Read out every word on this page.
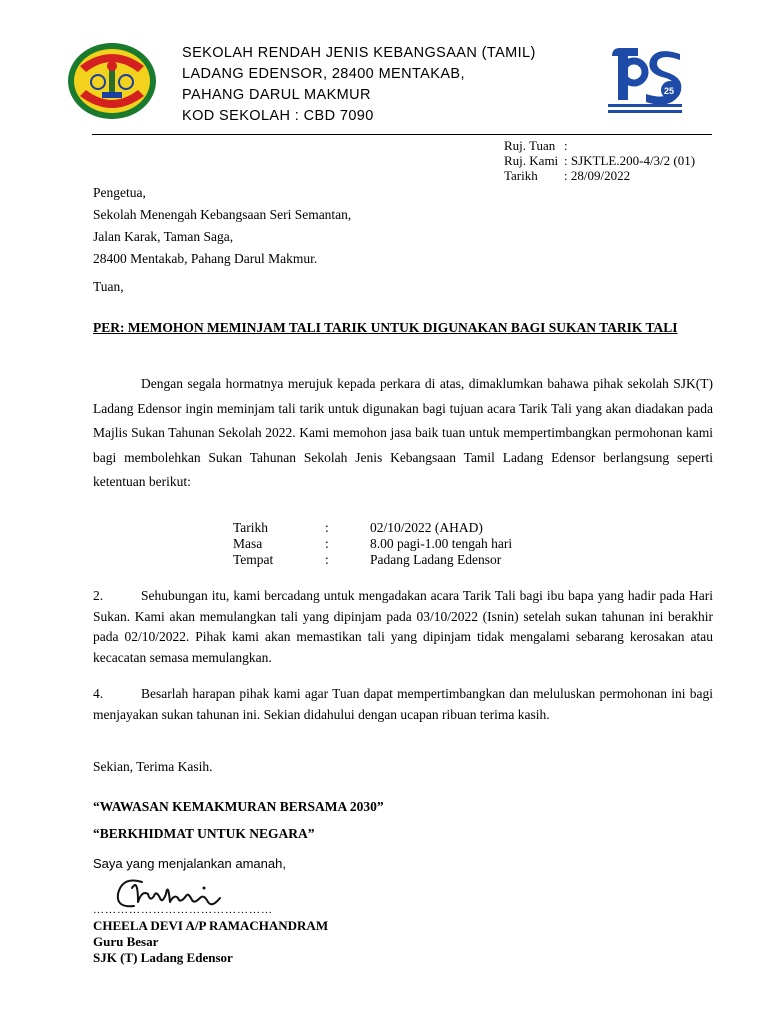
SEKOLAH RENDAH JENIS KEBANGSAAN (TAMIL)
LADANG EDENSOR, 28400 MENTAKAB,
PAHANG DARUL MAKMUR
KOD SEKOLAH : CBD 7090
25
Ruj. Tuan :
Ruj. Kami : SJKTLE.200-4/3/2 (01)
Tarikh	: 28/09/2022
Pengetua,
Sekolah Menengah Kebangsaan Seri Semantan,
Jalan Karak, Taman Saga,
28400 Mentakab, Pahang Darul Makmur.
Tuan,
PER: MEMOHON MEMINJAM TALI TARIK UNTUK DIGUNAKAN BAGI SUKAN TARIK TALI
Dengan segala hormatnya merujuk kepada perkara di atas, dimaklumkan bahawa pihak sekolah SJK(T) Ladang Edensor ingin meminjam tali tarik untuk digunakan bagi tujuan acara Tarik Tali yang akan diadakan pada Majlis Sukan Tahunan Sekolah 2022. Kami memohon jasa baik tuan untuk mempertimbangkan permohonan kami bagi membolehkan Sukan Tahunan Sekolah Jenis Kebangsaan Tamil Ladang Edensor berlangsung seperti ketentuan berikut:
Tarikh	:	02/10/2022 (AHAD)
Masa	:	8.00 pagi-1.00 tengah hari
Tempat	:	Padang Ladang Edensor
2.	Sehubungan itu, kami bercadang untuk mengadakan acara Tarik Tali bagi ibu bapa yang hadir pada Hari Sukan. Kami akan memulangkan tali yang dipinjam pada 03/10/2022 (Isnin) setelah sukan tahunan ini berakhir pada 02/10/2022. Pihak kami akan memastikan tali yang dipinjam tidak mengalami sebarang kerosakan atau kecacatan semasa memulangkan.
4.	Besarlah harapan pihak kami agar Tuan dapat mempertimbangkan dan meluluskan permohonan ini bagi menjayakan sukan tahunan ini. Sekian didahului dengan ucapan ribuan terima kasih.
Sekian, Terima Kasih.
“WAWASAN KEMAKMURAN BERSAMA 2030”
“BERKHIDMAT UNTUK NEGARA”
Saya yang menjalankan amanah,
………………………………………
CHEELA DEVI A/P RAMACHANDRAM
Guru Besar
SJK (T) Ladang Edensor
